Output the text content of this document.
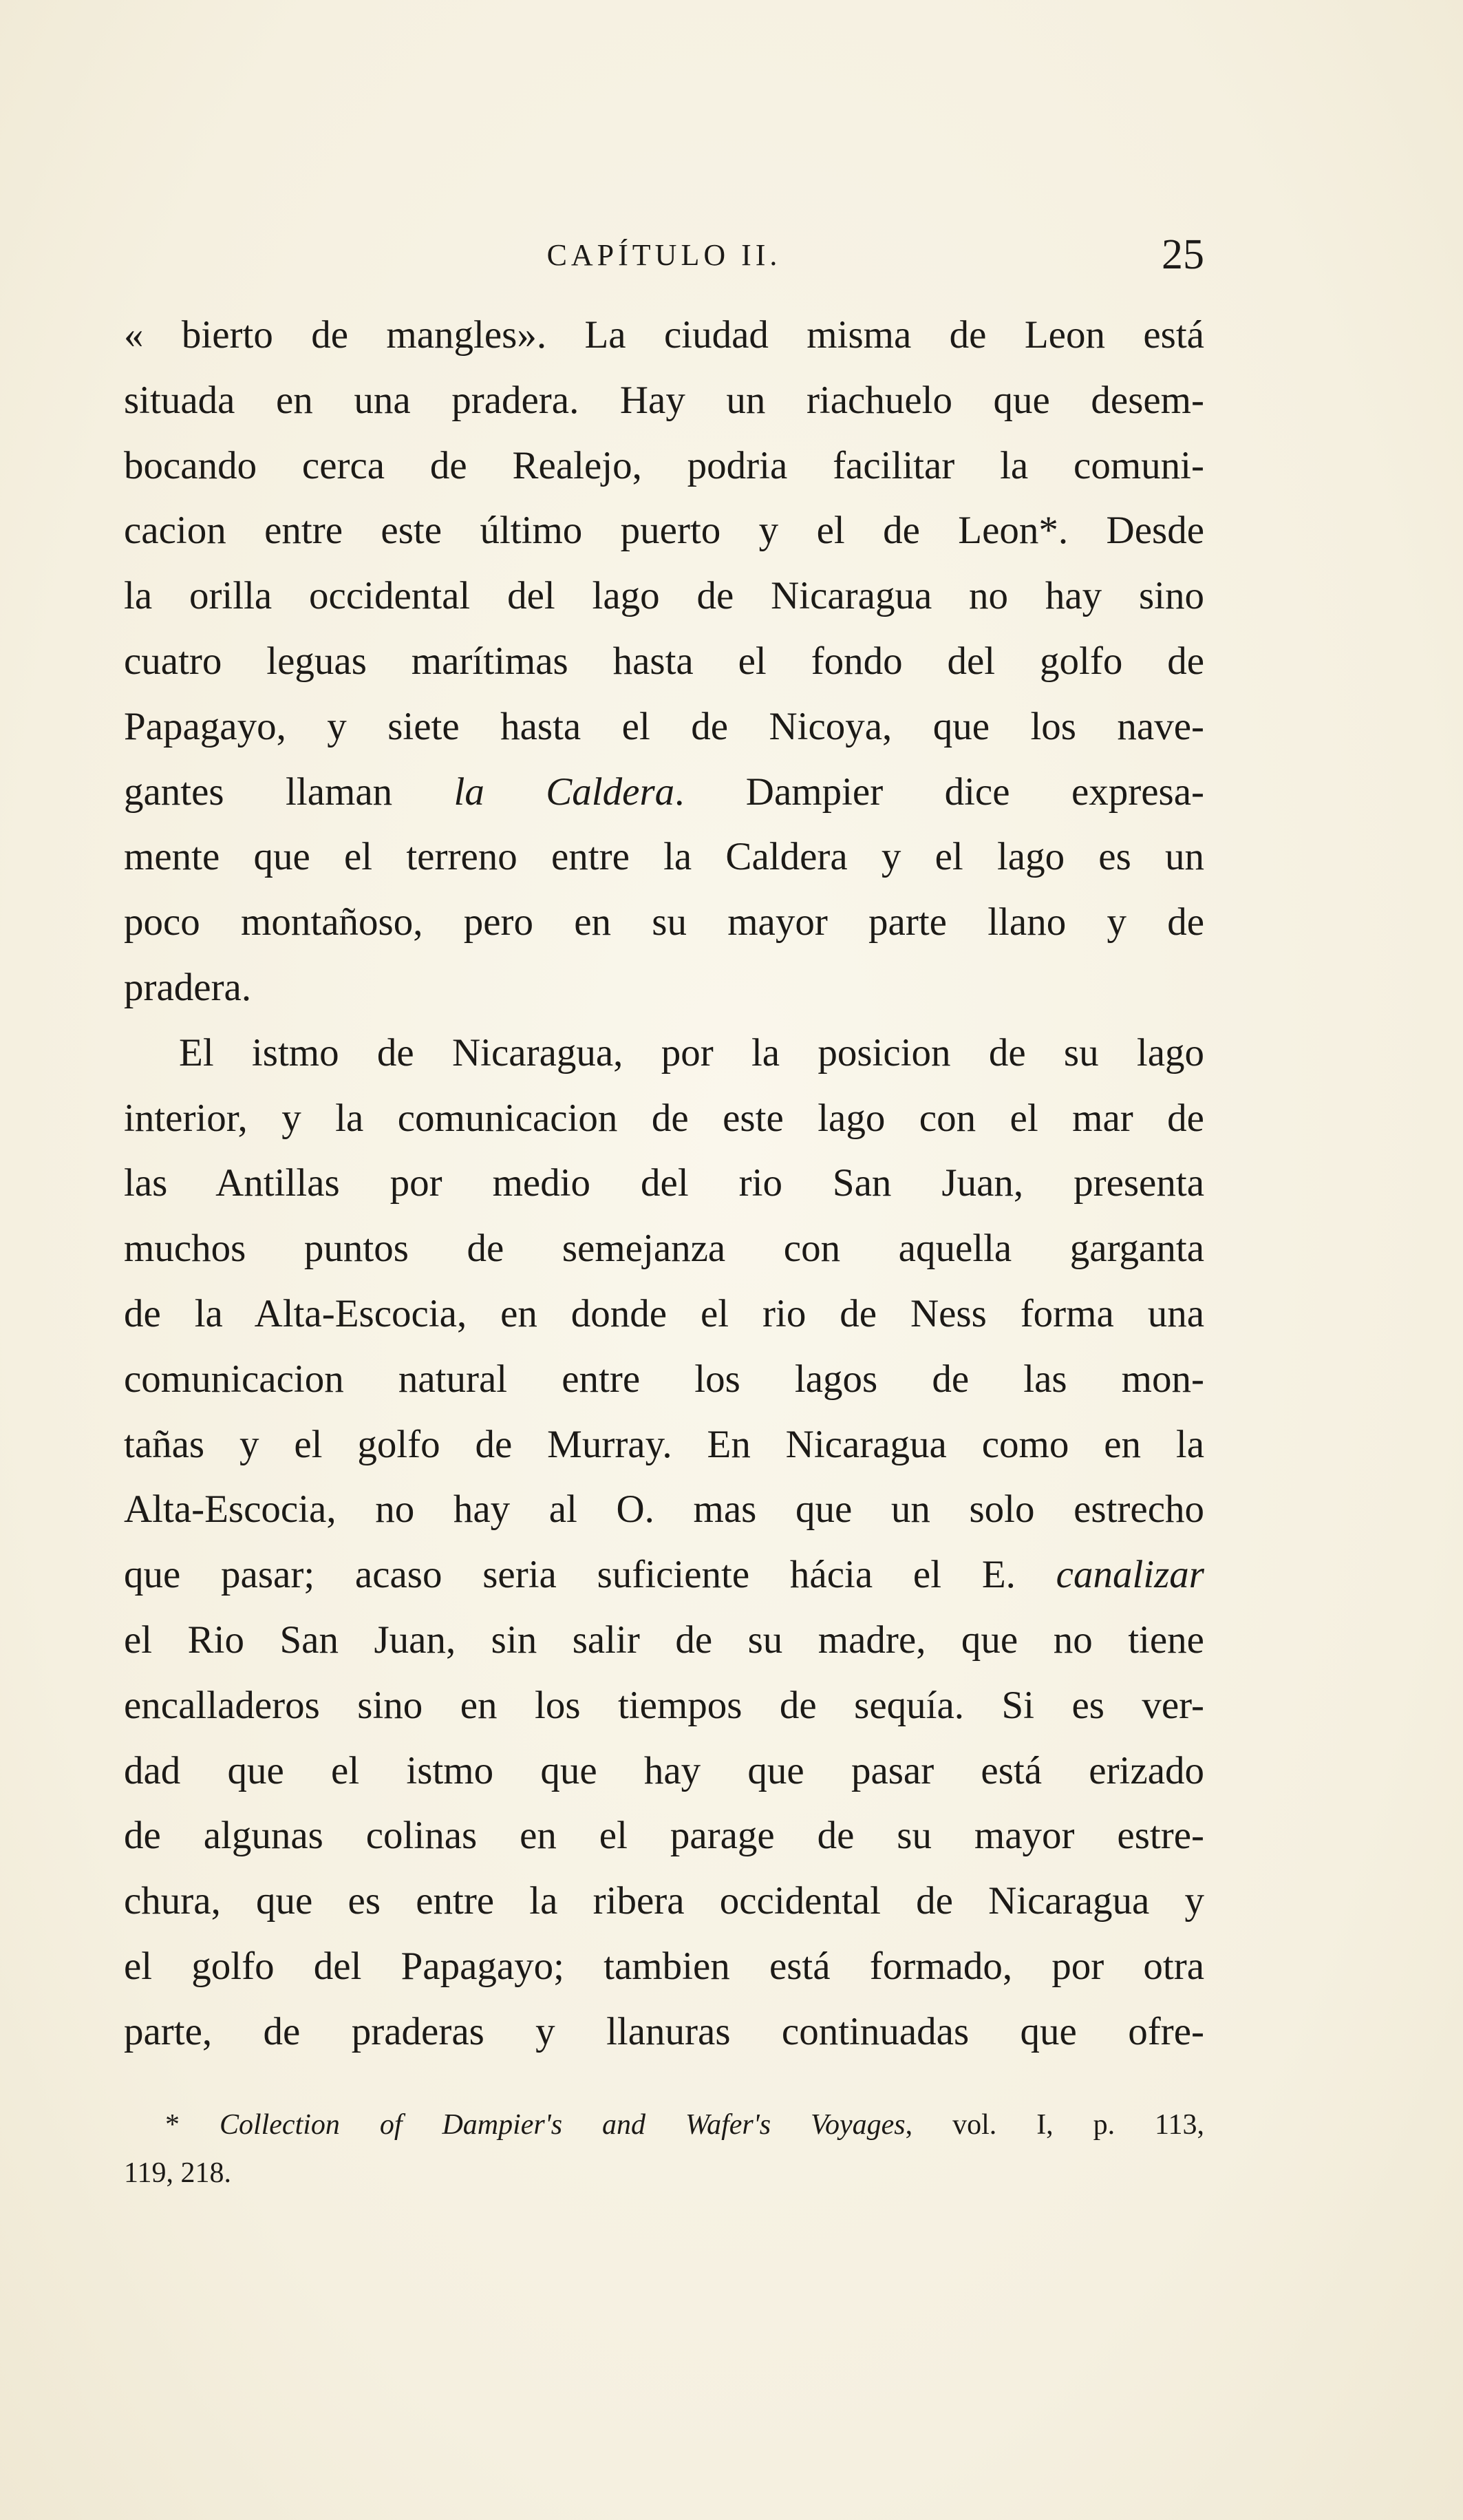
CAPÍTULO II.	25
« bierto de mangles». La ciudad misma de Leon está
situada en una pradera. Hay un riachuelo que desem-
bocando cerca de Realejo, podria facilitar la comuni-
cacion entre este último puerto y el de Leon*. Desde
la orilla occidental del lago de Nicaragua no hay sino
cuatro leguas marítimas hasta el fondo del golfo de
Papagayo, y siete hasta el de Nicoya, que los nave-
gantes llaman la Caldera. Dampier dice expresa-
mente que el terreno entre la Caldera y el lago es un
poco montañoso, pero en su mayor parte llano y de
pradera.
El istmo de Nicaragua, por la posicion de su lago
interior, y la comunicacion de este lago con el mar de
las Antillas por medio del rio San Juan, presenta
muchos puntos de semejanza con aquella garganta
de la Alta-Escocia, en donde el rio de Ness forma una
comunicacion natural entre los lagos de las mon-
tañas y el golfo de Murray. En Nicaragua como en la
Alta-Escocia, no hay al O. mas que un solo estrecho
que pasar; acaso seria suficiente hácia el E. canalizar
el Rio San Juan, sin salir de su madre, que no tiene
encalladeros sino en los tiempos de sequía. Si es ver-
dad que el istmo que hay que pasar está erizado
de algunas colinas en el parage de su mayor estre-
chura, que es entre la ribera occidental de Nicaragua y
el golfo del Papagayo; tambien está formado, por otra
parte, de praderas y llanuras continuadas que ofre-
* Collection of Dampier's and Wafer's Voyages, vol. I, p. 113,
119, 218.
